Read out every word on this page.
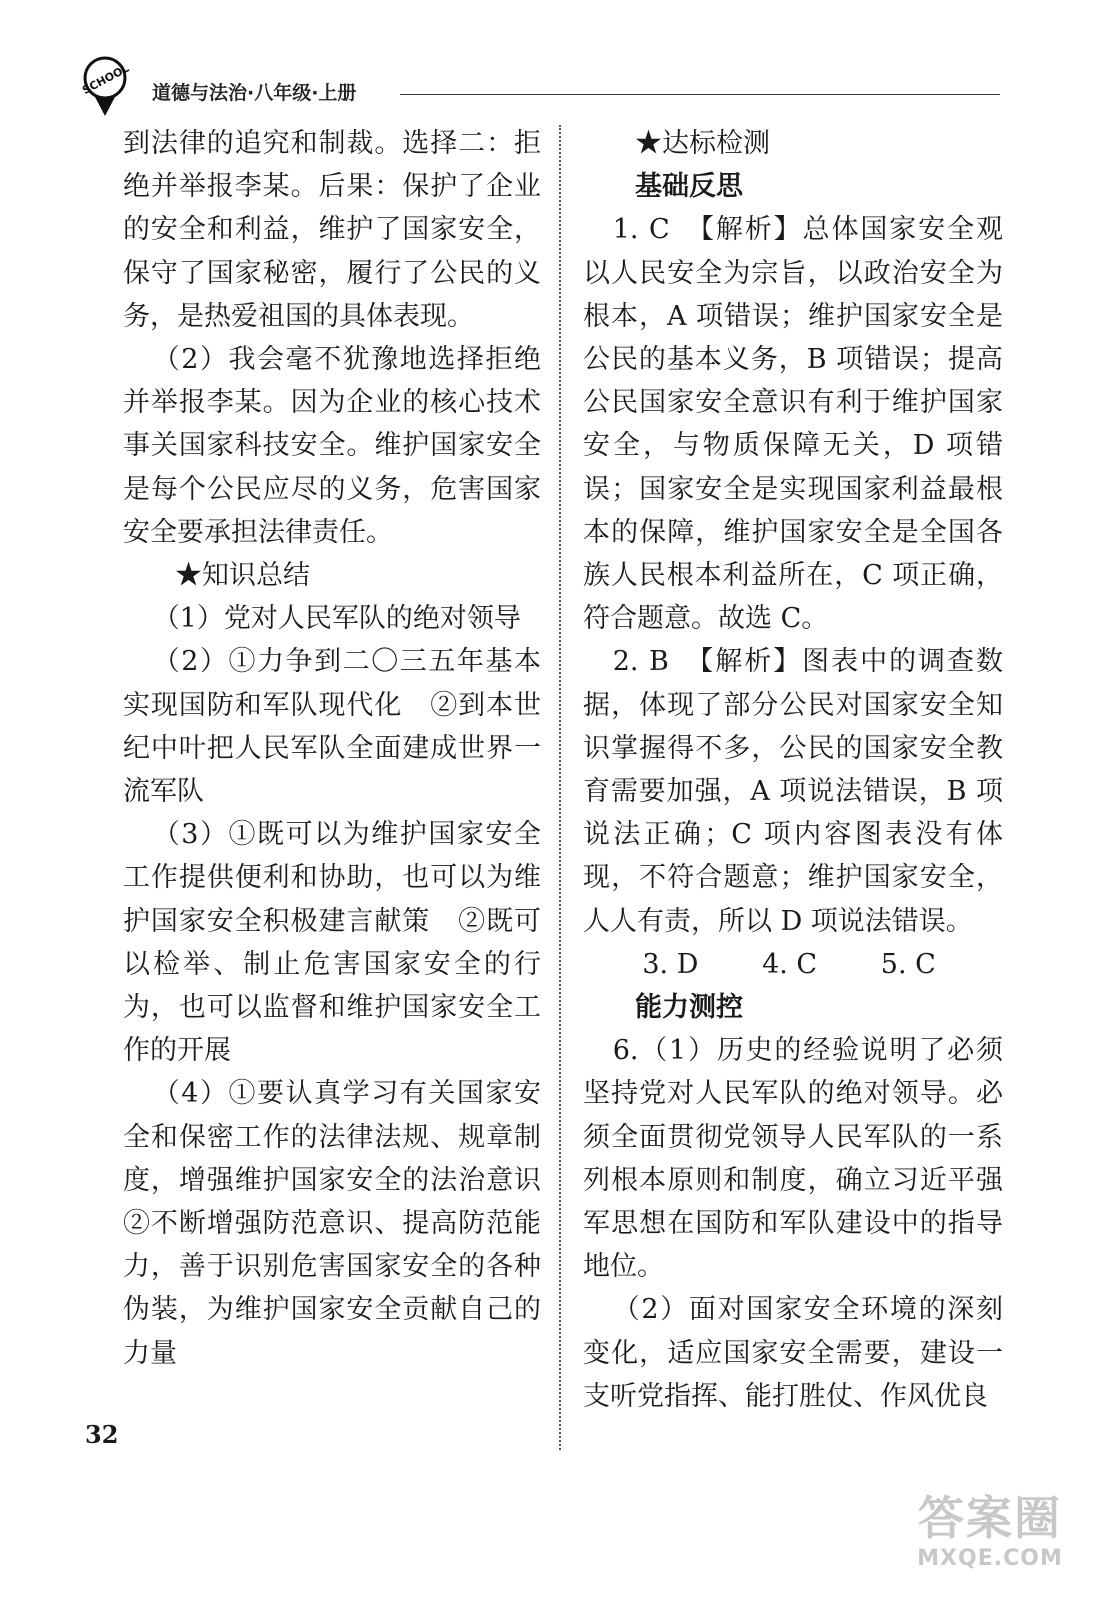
SCHOOL 道德与法治·八年级·上册

到法律的追究和制裁。选择二：拒绝并举报李某。后果：保护了企业的安全和利益，维护了国家安全，保守了国家秘密，履行了公民的义务，是热爱祖国的具体表现。

（2）我会毫不犹豫地选择拒绝并举报李某。因为企业的核心技术事关国家科技安全。维护国家安全是每个公民应尽的义务，危害国家安全要承担法律责任。

★知识总结

（1）党对人民军队的绝对领导

（2）①力争到二〇三五年基本实现国防和军队现代化　②到本世纪中叶把人民军队全面建成世界一流军队

（3）①既可以为维护国家安全工作提供便利和协助，也可以为维护国家安全积极建言献策　②既可以检举、制止危害国家安全的行为，也可以监督和维护国家安全工作的开展

（4）①要认真学习有关国家安全和保密工作的法律法规、规章制度，增强维护国家安全的法治意识　②不断增强防范意识、提高防范能力，善于识别危害国家安全的各种伪装，为维护国家安全贡献自己的力量

★达标检测

基础反思

1. C　【解析】总体国家安全观以人民安全为宗旨，以政治安全为根本，A 项错误；维护国家安全是公民的基本义务，B 项错误；提高公民国家安全意识有利于维护国家安全，与物质保障无关，D 项错误；国家安全是实现国家利益最根本的保障，维护国家安全是全国各族人民根本利益所在，C 项正确，符合题意。故选 C。

2. B　【解析】图表中的调查数据，体现了部分公民对国家安全知识掌握得不多，公民的国家安全教育需要加强，A 项说法错误，B 项说法正确；C 项内容图表没有体现，不符合题意；维护国家安全，人人有责，所以 D 项说法错误。

3. D 4. C 5. C

能力测控

6.（1）历史的经验说明了必须坚持党对人民军队的绝对领导。必须全面贯彻党领导人民军队的一系列根本原则和制度，确立习近平强军思想在国防和军队建设中的指导地位。

（2）面对国家安全环境的深刻变化，适应国家安全需要，建设一支听党指挥、能打胜仗、作风优良

32
答案圈
MXQE.COM
